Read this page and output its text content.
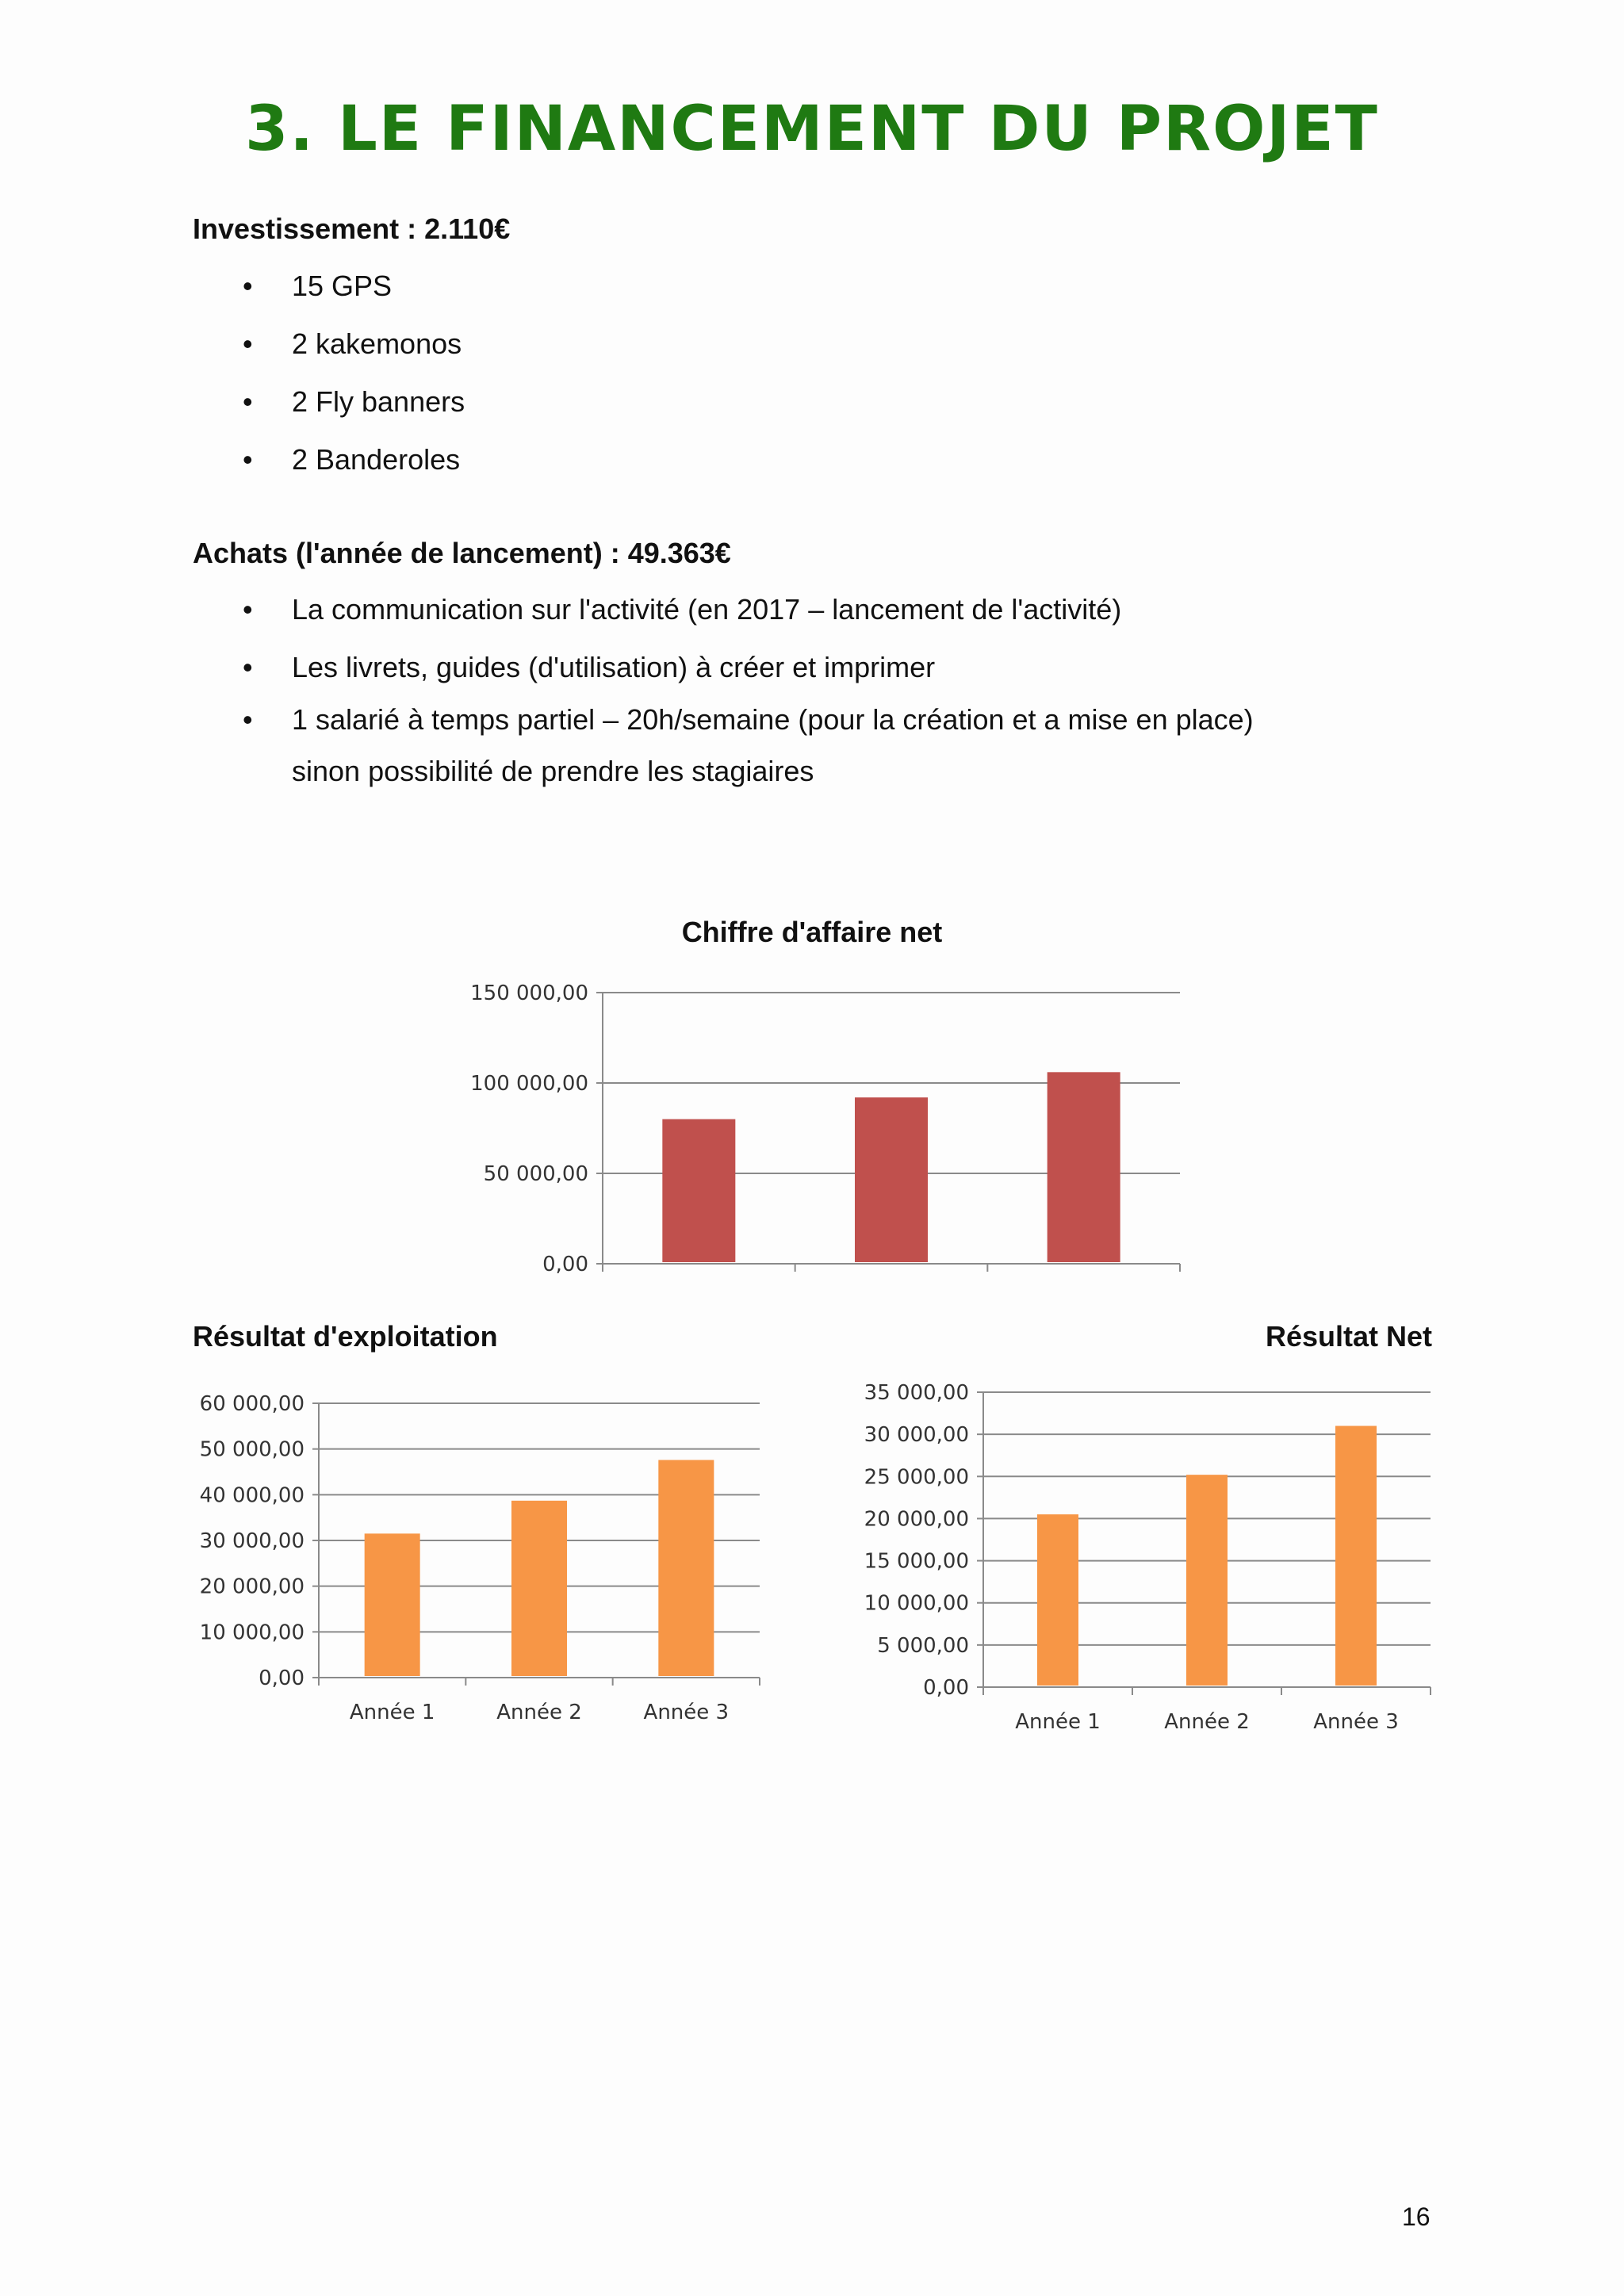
3. LE FINANCEMENT DU PROJET

Investissement : 2.110€

• 15 GPS
• 2 kakemonos
• 2 Fly banners
• 2 Banderoles

Achats (l'année de lancement) : 49.363€

• La communication sur l'activité (en 2017 – lancement de l'activité)
• Les livrets, guides (d'utilisation) à créer et imprimer
• 1 salarié à temps partiel – 20h/semaine (pour la création et a mise en place)
sinon possibilité de prendre les stagiaires
Chiffre d'affaire net
Résultat d'exploitation	Résultat Net
0,00
50 000,00
100 000,00
150 000,00
0,00
10 000,00
20 000,00
30 000,00
40 000,00
50 000,00
60 000,00
Année 1	Année 2	Année 3
0,00
5 000,00
10 000,00
15 000,00
20 000,00
25 000,00
30 000,00
35 000,00
Année 1	Année 2	Année 3
16
